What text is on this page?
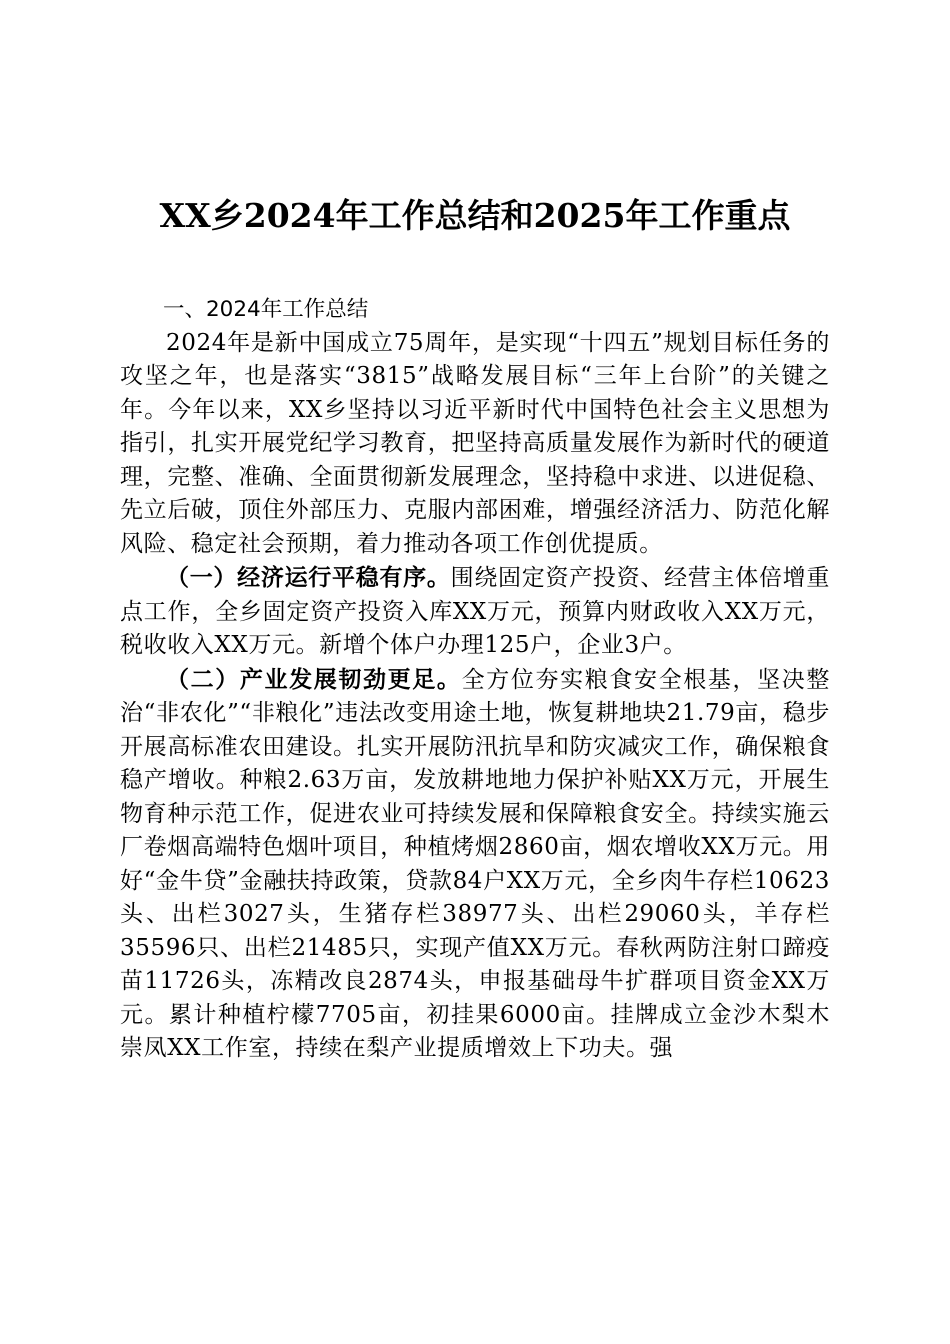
XX乡2024年工作总结和2025年工作重点

一、2024年工作总结

2024年是新中国成立75周年，是实现“十四五”规划目标任务的攻坚之年，也是落实“3815”战略发展目标“三年上台阶”的关键之年。今年以来，XX乡坚持以习近平新时代中国特色社会主义思想为指引，扎实开展党纪学习教育，把坚持高质量发展作为新时代的硬道理，完整、准确、全面贯彻新发展理念，坚持稳中求进、以进促稳、先立后破，顶住外部压力、克服内部困难，增强经济活力、防范化解风险、稳定社会预期，着力推动各项工作创优提质。

（一）经济运行平稳有序。围绕固定资产投资、经营主体倍增重点工作，全乡固定资产投资入库XX万元，预算内财政收入XX万元，税收收入XX万元。新增个体户办理125户，企业3户。

（二）产业发展韧劲更足。全方位夯实粮食安全根基，坚决整治“非农化”“非粮化”违法改变用途土地，恢复耕地块21.79亩，稳步开展高标准农田建设。扎实开展防汛抗旱和防灾减灾工作，确保粮食稳产增收。种粮2.63万亩，发放耕地地力保护补贴XX万元，开展生物育种示范工作，促进农业可持续发展和保障粮食安全。持续实施云厂卷烟高端特色烟叶项目，种植烤烟2860亩，烟农增收XX万元。用好“金牛贷”金融扶持政策，贷款84户XX万元，全乡肉牛存栏10623头、出栏3027头，生猪存栏38977头、出栏29060头，羊存栏35596只、出栏21485只，实现产值XX万元。春秋两防注射口蹄疫苗11726头，冻精改良2874头，申报基础母牛扩群项目资金XX万元。累计种植柠檬7705亩，初挂果6000亩。挂牌成立金沙木梨木崇凤XX工作室，持续在梨产业提质增效上下功夫。强
